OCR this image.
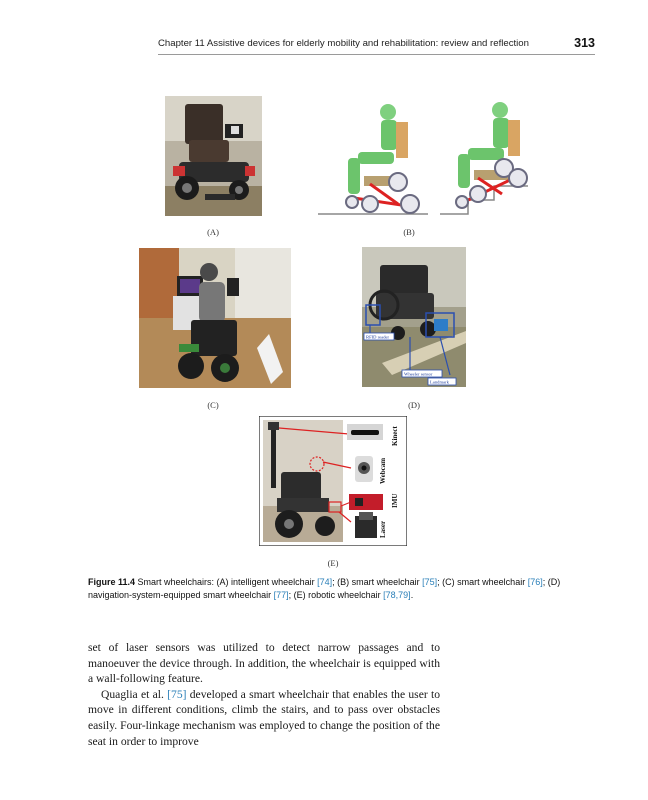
Chapter 11 Assistive devices for elderly mobility and rehabilitation: review and reflection	313
(A)	(B)
(C)
RFID reader
Wheeler sensor
Landmark
(D)
Kinect
Webcam
IMU
Laser
(E)
Figure 11.4 Smart wheelchairs: (A) intelligent wheelchair [74]; (B) smart wheelchair [75]; (C) smart wheelchair [76]; (D) navigation-system-equipped smart wheelchair [77]; (E) robotic wheelchair [78,79].

set of laser sensors was utilized to detect narrow passages and to manoeuver the device through. In addition, the wheelchair is equipped with a wall-following feature.

Quaglia et al. [75] developed a smart wheelchair that enables the user to move in different conditions, climb the stairs, and to pass over obstacles easily. Four-linkage mechanism was employed to change the position of the seat in order to improve
